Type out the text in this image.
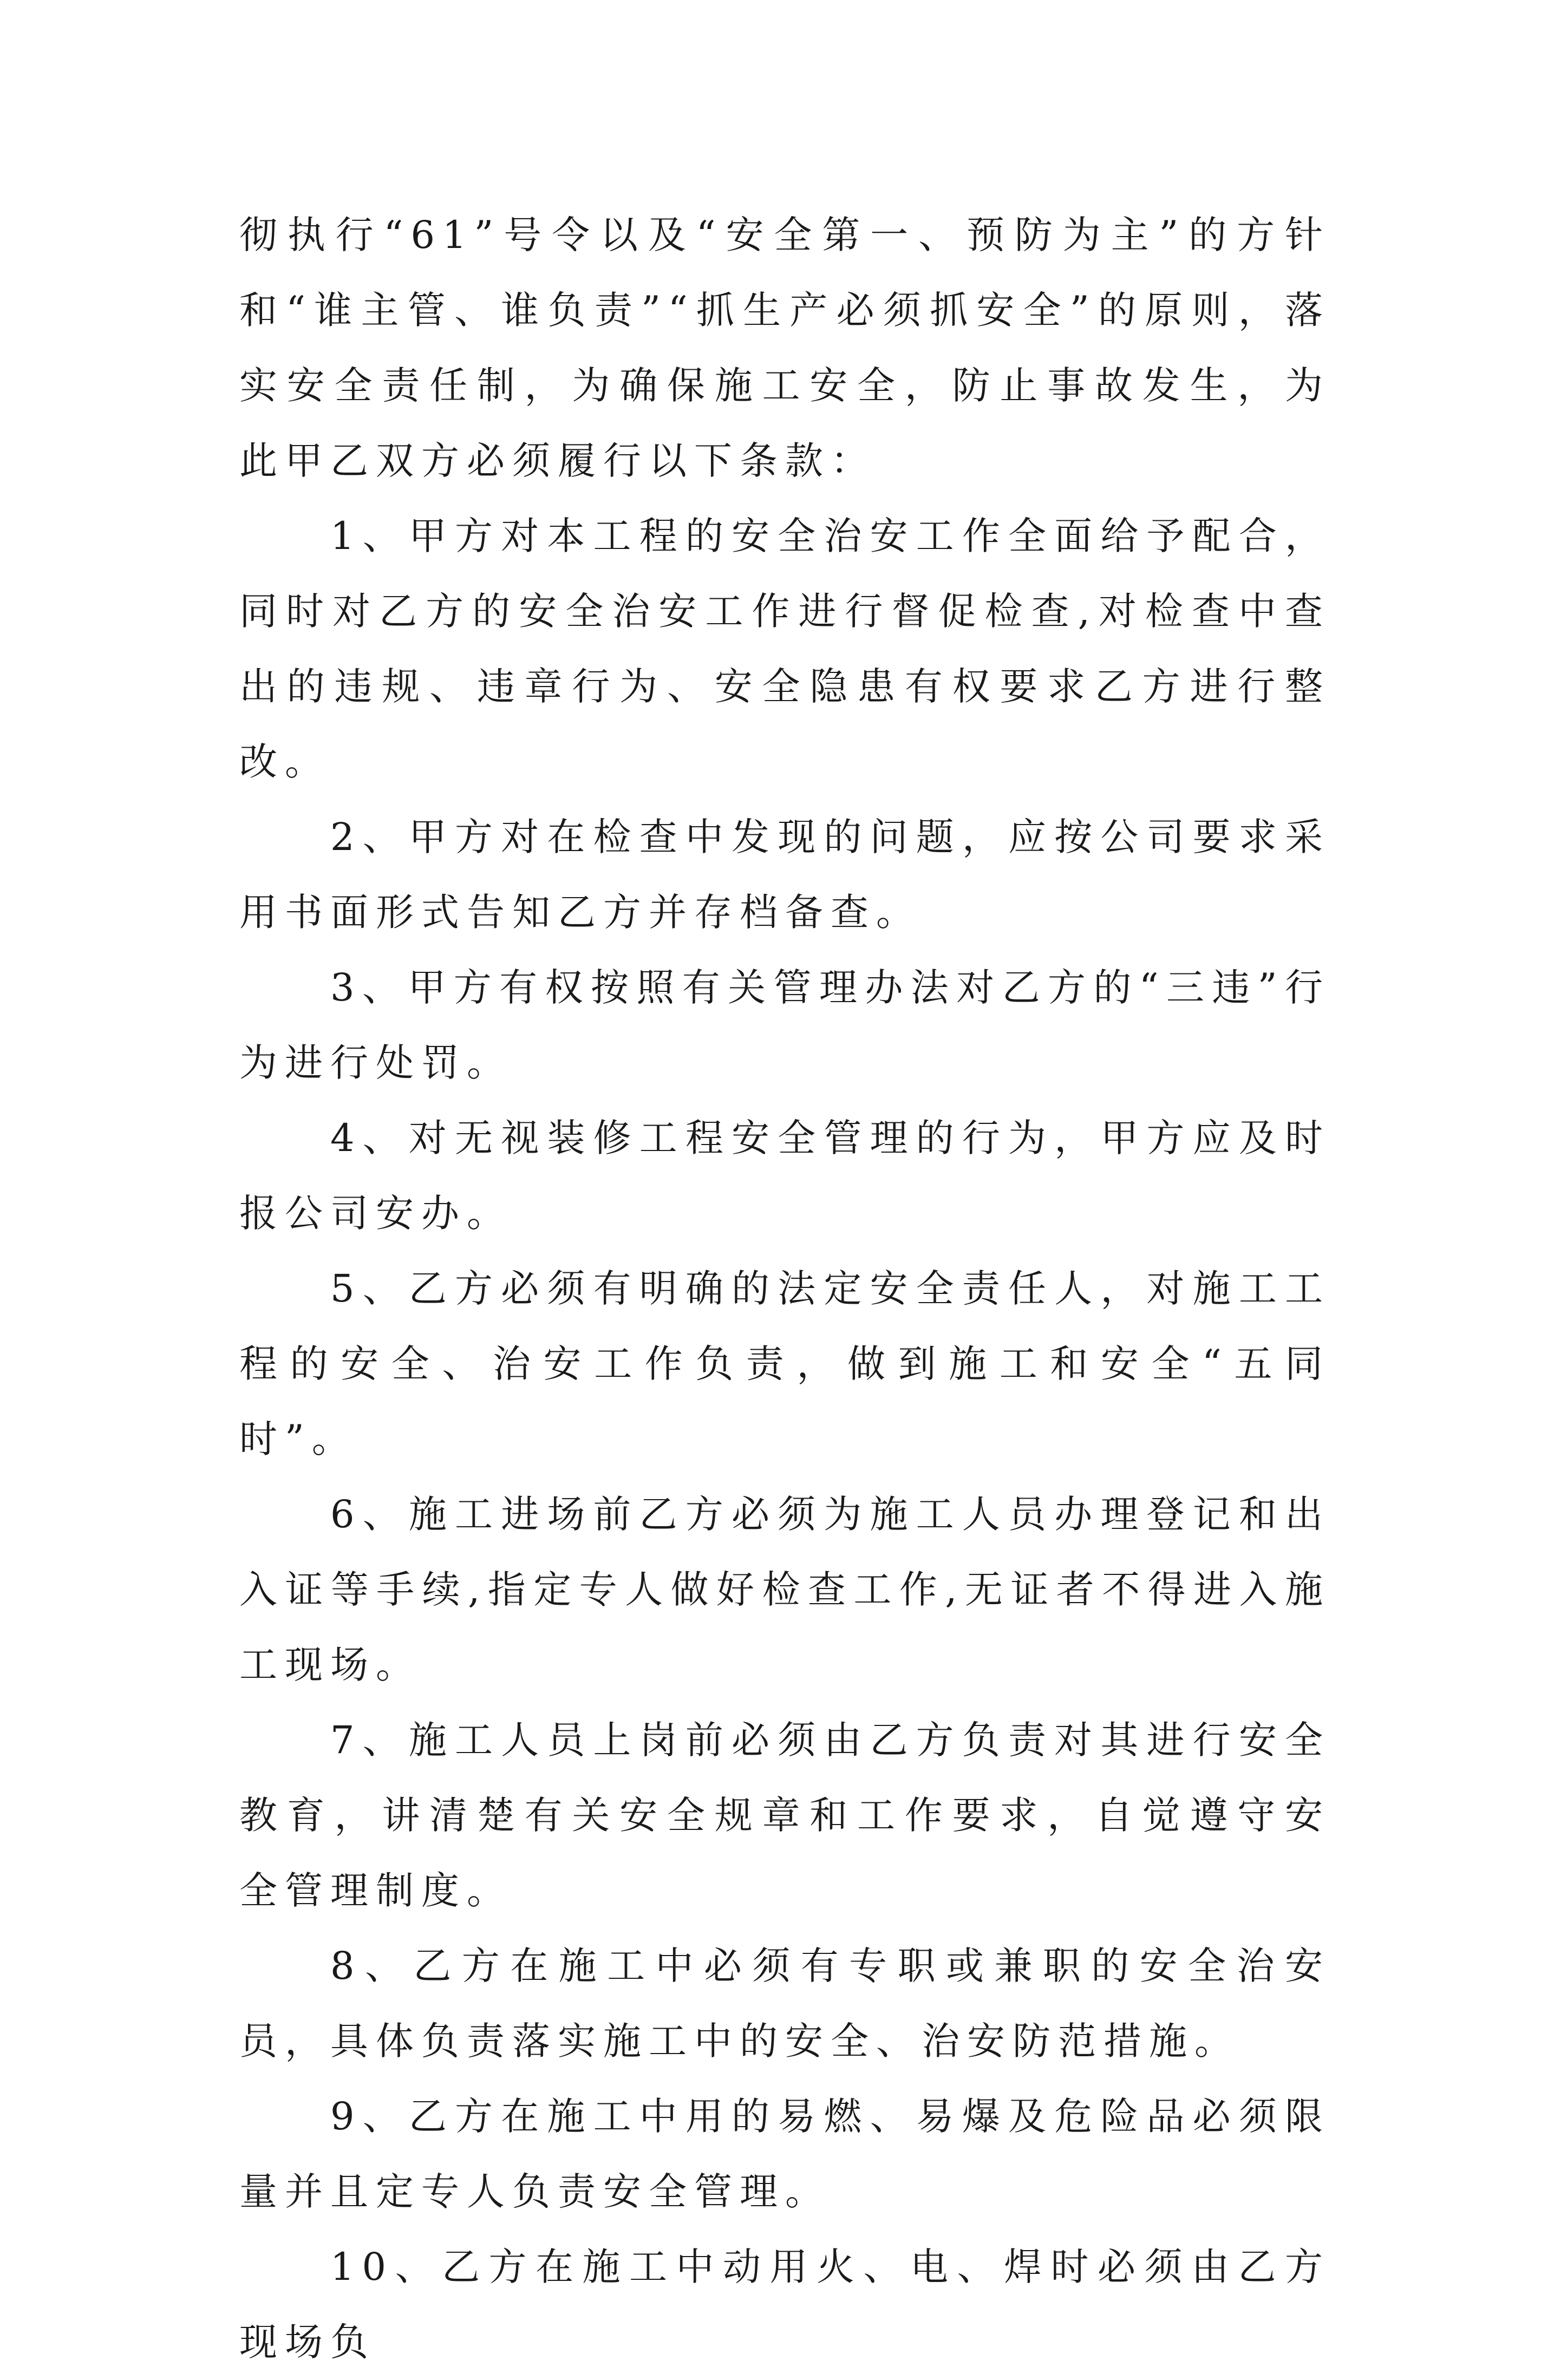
彻执行“61”号令以及“安全第一、预防为主”的方针和“谁主管、谁负责”“抓生产必须抓安全”的原则，落实安全责任制，为确保施工安全，防止事故发生，为此甲乙双方必须履行以下条款：

1、甲方对本工程的安全治安工作全面给予配合，同时对乙方的安全治安工作进行督促检查,对检查中查出的违规、违章行为、安全隐患有权要求乙方进行整改。

2、甲方对在检查中发现的问题，应按公司要求采用书面形式告知乙方并存档备查。

3、甲方有权按照有关管理办法对乙方的“三违”行为进行处罚。

4、对无视装修工程安全管理的行为，甲方应及时报公司安办。

5、乙方必须有明确的法定安全责任人，对施工工程的安全、治安工作负责，做到施工和安全“五同时”。

6、施工进场前乙方必须为施工人员办理登记和出入证等手续,指定专人做好检查工作,无证者不得进入施工现场。

7、施工人员上岗前必须由乙方负责对其进行安全教育，讲清楚有关安全规章和工作要求，自觉遵守安全管理制度。

8、乙方在施工中必须有专职或兼职的安全治安员，具体负责落实施工中的安全、治安防范措施。

9、乙方在施工中用的易燃、易爆及危险品必须限量并且定专人负责安全管理。

10、乙方在施工中动用火、电、焊时必须由乙方现场负
